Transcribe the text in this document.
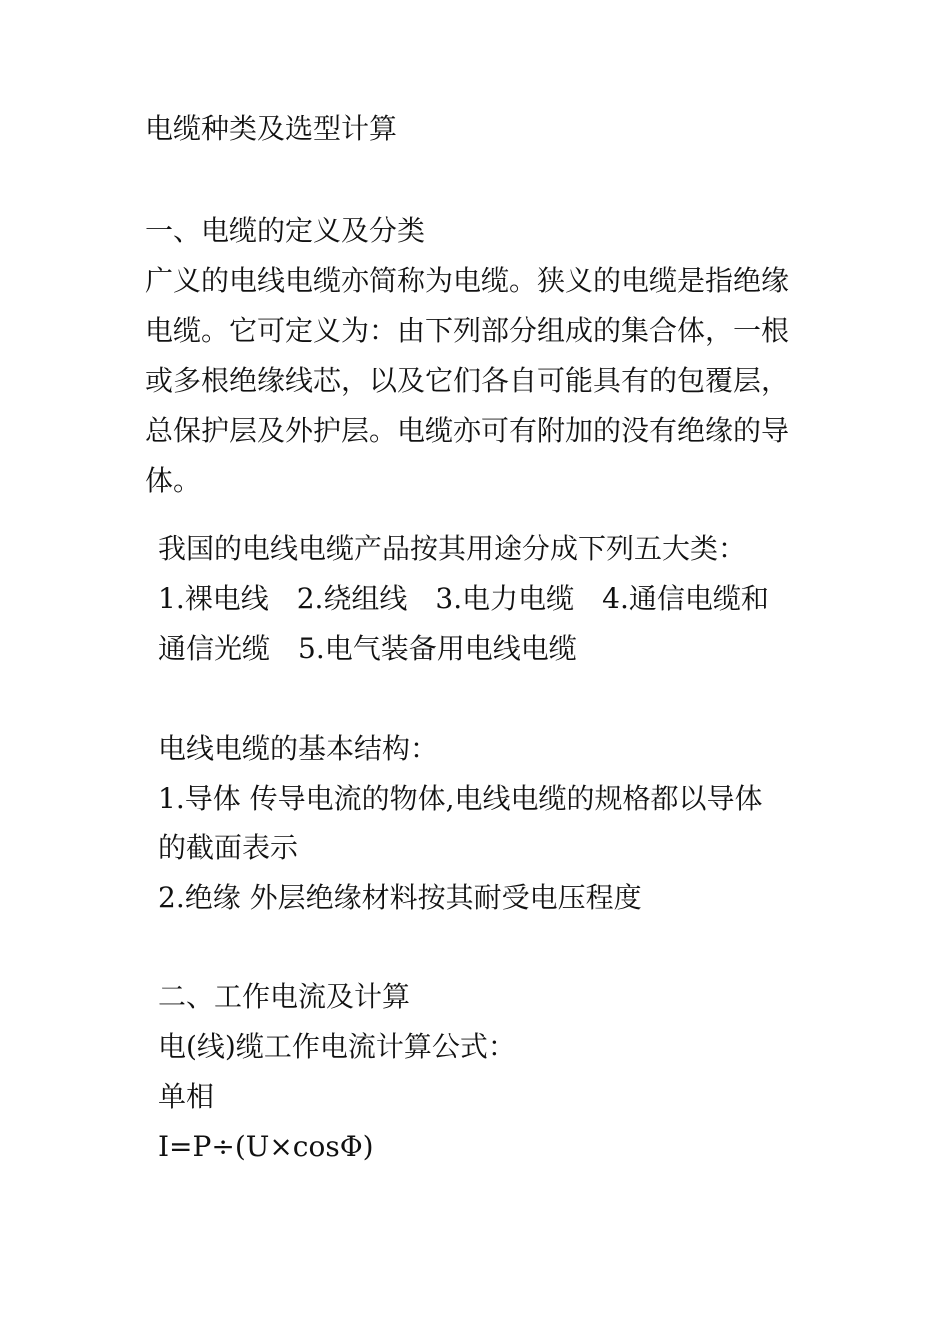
电缆种类及选型计算

一、电缆的定义及分类

广义的电线电缆亦简称为电缆。狭义的电缆是指绝缘

电缆。它可定义为：由下列部分组成的集合体，一根

或多根绝缘线芯，以及它们各自可能具有的包覆层，

总保护层及外护层。电缆亦可有附加的没有绝缘的导

体。

我国的电线电缆产品按其用途分成下列五大类：

1.裸电线　2.绕组线　3.电力电缆　4.通信电缆和

通信光缆　5.电气装备用电线电缆

电线电缆的基本结构：

1.导体 传导电流的物体,电线电缆的规格都以导体

的截面表示

2.绝缘 外层绝缘材料按其耐受电压程度

二、工作电流及计算

电(线)缆工作电流计算公式：

单相

I=P÷(U×cosΦ)
